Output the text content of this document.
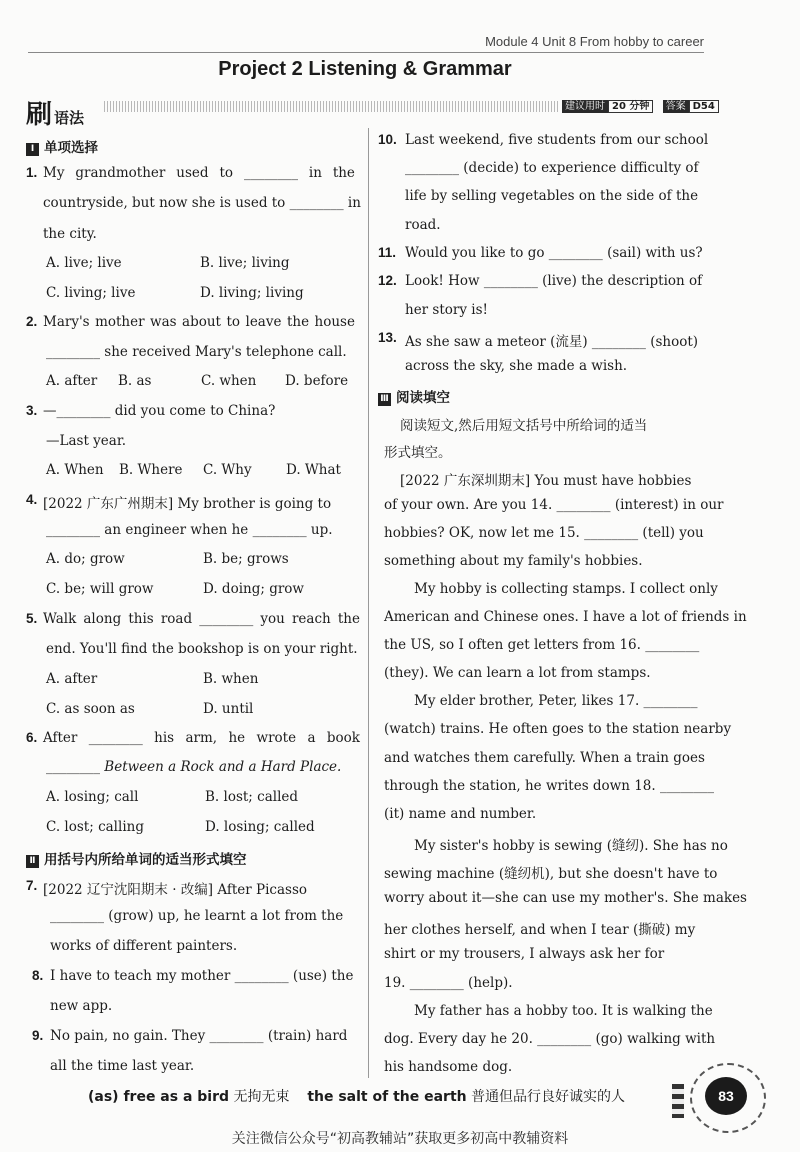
Module 4 Unit 8 From hobby to career
Project 2 Listening & Grammar
刷语法
建议用时 20 分钟 答案 D54
Ⅰ 单项选择
1. My grandmother used to ________ in the
countryside, but now she is used to ________ in
the city.
A. live; live	B. live; living
C. living; live	D. living; living
2. Mary's mother was about to leave the house
________ she received Mary's telephone call.
A. after B. as	C. when D. before
3. —________ did you come to China?
—Last year.
A. When B. Where C. Why	D. What
4. [2022 广东广州期末] My brother is going to
________ an engineer when he ________ up.
A. do; grow	B. be; grows
C. be; will grow	D. doing; grow
5. Walk along this road ________ you reach the
end. You'll find the bookshop is on your right.
A. after	B. when
C. as soon as	D. until
6. After ________ his arm, he wrote a book
________ Between a Rock and a Hard Place.
A. losing; call	B. lost; called
C. lost; calling	D. losing; called
Ⅱ 用括号内所给单词的适当形式填空
7. [2022 辽宁沈阳期末 · 改编] After Picasso
________ (grow) up, he learnt a lot from the
works of different painters.
8. I have to teach my mother ________ (use) the
new app.
9. No pain, no gain. They ________ (train) hard
all the time last year.
10. Last weekend, five students from our school
________ (decide) to experience difficulty of
life by selling vegetables on the side of the
road.
11. Would you like to go ________ (sail) with us?
12. Look! How ________ (live) the description of
her story is!
13. As she saw a meteor (流星) ________ (shoot)
across the sky, she made a wish.
Ⅲ 阅读填空
阅读短文,然后用短文括号中所给词的适当
形式填空。
[2022 广东深圳期末] You must have hobbies
of your own. Are you 14. ________ (interest) in our
hobbies? OK, now let me 15. ________ (tell) you
something about my family's hobbies.
My hobby is collecting stamps. I collect only
American and Chinese ones. I have a lot of friends in
the US, so I often get letters from 16. ________
(they). We can learn a lot from stamps.
My elder brother, Peter, likes 17. ________
(watch) trains. He often goes to the station nearby
and watches them carefully. When a train goes
through the station, he writes down 18. ________
(it) name and number.
My sister's hobby is sewing (缝纫). She has no
sewing machine (缝纫机), but she doesn't have to
worry about it—she can use my mother's. She makes
her clothes herself, and when I tear (撕破) my
shirt or my trousers, I always ask her for
19. ________ (help).
My father has a hobby too. It is walking the
dog. Every day he 20. ________ (go) walking with
his handsome dog.
(as) free as a bird 无拘无束 the salt of the earth 普通但品行良好诚实的人	83
关注微信公众号“初高教辅站”获取更多初高中教辅资料
